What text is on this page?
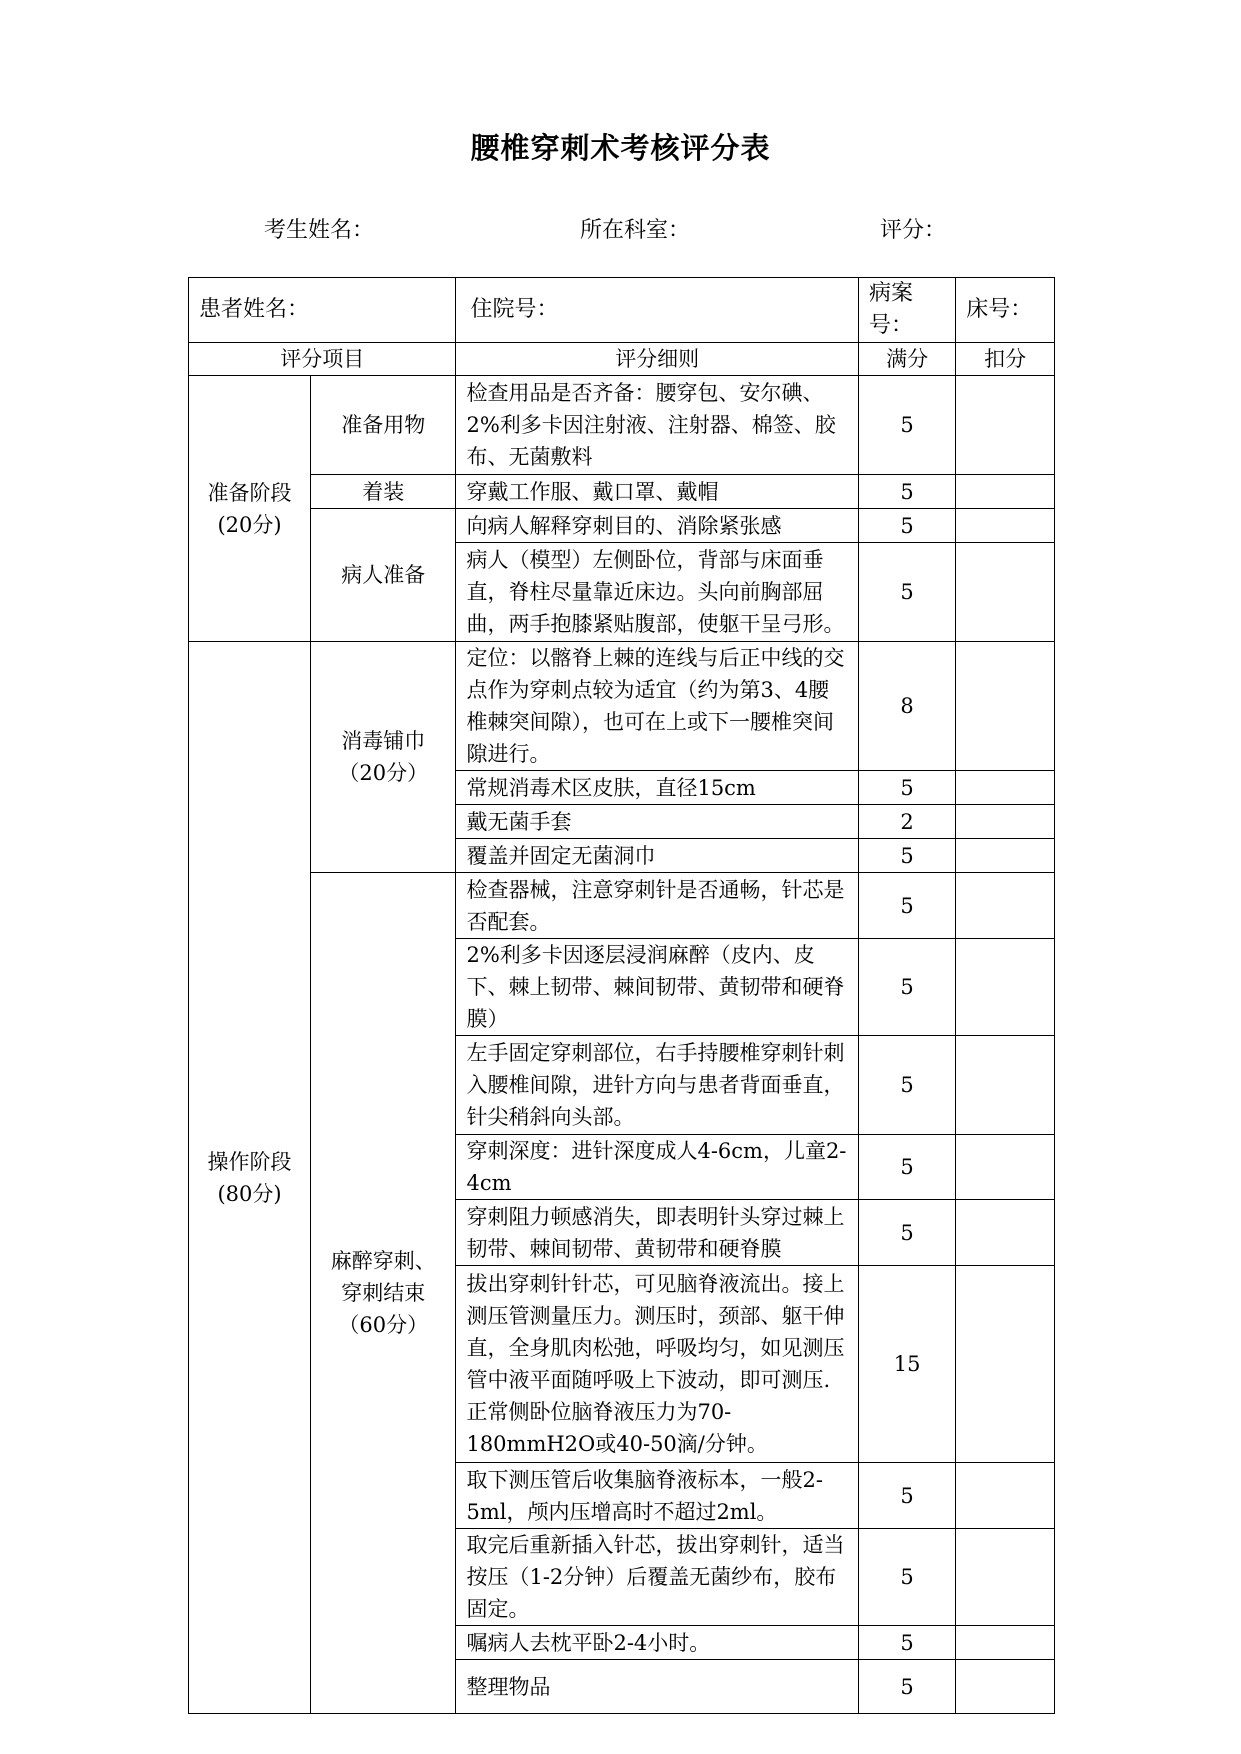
腰椎穿刺术考核评分表
考生姓名：	所在科室：	评分：
患者姓名：		住院号：	病案号：	床号：
评分项目		评分细则	满分	扣分
准备阶段(20分)	准备用物	检查用品是否齐备：腰穿包、安尔碘、2%利多卡因注射液、注射器、棉签、胶布、无菌敷料	5	
	着装	穿戴工作服、戴口罩、戴帽	5	
	病人准备	向病人解释穿刺目的、消除紧张感	5	
		病人（模型）左侧卧位，背部与床面垂直，脊柱尽量靠近床边。头向前胸部屈曲，两手抱膝紧贴腹部，使躯干呈弓形。	5	
操作阶段(80分)	消毒铺巾（20分）	定位：以髂脊上棘的连线与后正中线的交点作为穿刺点较为适宜（约为第3、4腰椎棘突间隙），也可在上或下一腰椎突间隙进行。	8	
		常规消毒术区皮肤，直径15cm	5	
		戴无菌手套	2	
		覆盖并固定无菌洞巾	5	
	麻醉穿刺、穿刺结束（60分）	检查器械，注意穿刺针是否通畅，针芯是否配套。	5	
		2%利多卡因逐层浸润麻醉（皮内、皮下、棘上韧带、棘间韧带、黄韧带和硬脊膜）	5	
		左手固定穿刺部位，右手持腰椎穿刺针刺入腰椎间隙，进针方向与患者背面垂直，针尖稍斜向头部。	5	
		穿刺深度：进针深度成人4-6cm，儿童2-4cm	5	
		穿刺阻力顿感消失，即表明针头穿过棘上韧带、棘间韧带、黄韧带和硬脊膜	5	
		拔出穿刺针针芯，可见脑脊液流出。接上测压管测量压力。测压时，颈部、躯干伸直，全身肌肉松弛，呼吸均匀，如见测压管中液平面随呼吸上下波动，即可测压.正常侧卧位脑脊液压力为70-180mmH2O或40-50滴/分钟。	15	
		取下测压管后收集脑脊液标本，一般2-5ml，颅内压增高时不超过2ml。	5	
		取完后重新插入针芯，拔出穿刺针，适当按压（1-2分钟）后覆盖无菌纱布，胶布固定。	5	
		嘱病人去枕平卧2-4小时。	5	
		整理物品	5	
